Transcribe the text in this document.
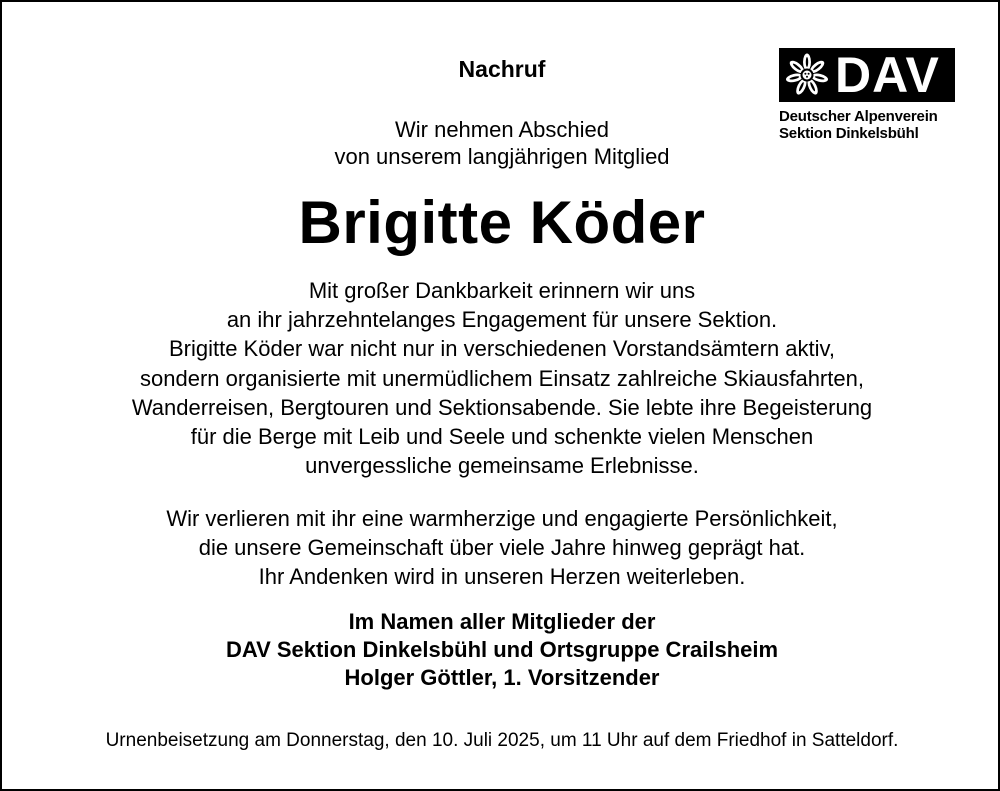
Nachruf
Wir nehmen Abschied
von unserem langjährigen Mitglied
Brigitte Köder
Mit großer Dankbarkeit erinnern wir uns
an ihr jahrzehntelanges Engagement für unsere Sektion.
Brigitte Köder war nicht nur in verschiedenen Vorstandsämtern aktiv,
sondern organisierte mit unermüdlichem Einsatz zahlreiche Skiausfahrten,
Wanderreisen, Bergtouren und Sektionsabende. Sie lebte ihre Begeisterung
für die Berge mit Leib und Seele und schenkte vielen Menschen
unvergessliche gemeinsame Erlebnisse.
Wir verlieren mit ihr eine warmherzige und engagierte Persönlichkeit,
die unsere Gemeinschaft über viele Jahre hinweg geprägt hat.
Ihr Andenken wird in unseren Herzen weiterleben.
Im Namen aller Mitglieder der
DAV Sektion Dinkelsbühl und Ortsgruppe Crailsheim
Holger Göttler, 1. Vorsitzender
Urnenbeisetzung am Donnerstag, den 10. Juli 2025, um 11 Uhr auf dem Friedhof in Satteldorf.
DAV
Deutscher Alpenverein
Sektion Dinkelsbühl
